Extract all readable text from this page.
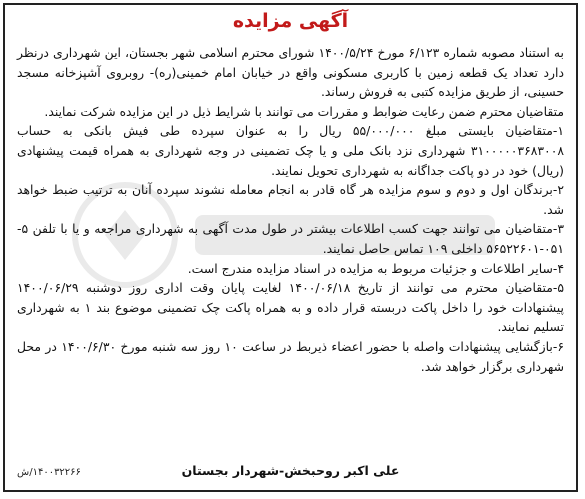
آگهی مزایده

به استناد مصوبه شماره ۶/۱۲۳ مورخ ۱۴۰۰/۵/۲۴ شورای محترم اسلامی شهر بجستان، این شهرداری درنظر دارد تعداد یک قطعه زمین با کاربری مسکونی واقع در خیابان امام خمینی(ره)- روبروی آشپزخانه مسجد حسینی، از طریق مزایده کتبی به فروش رساند.

متقاضیان محترم ضمن رعایت ضوابط و مقررات می توانند با شرایط ذیل در این مزایده شرکت نمایند.

۱-متقاضیان بایستی مبلغ ۵۵/۰۰۰/۰۰۰ ریال را به عنوان سپرده طی فیش بانکی به حساب ۳۱۰۰۰۰۰۳۶۸۳۰۰۸ شهرداری نزد بانک ملی و یا چک تضمینی در وجه شهرداری به همراه قیمت پیشنهادی (ریال) خود در دو پاکت جداگانه به شهرداری تحویل نمایند.

۲-برندگان اول و دوم و سوم مزایده هر گاه قادر به انجام معامله نشوند سپرده آنان به ترتیب ضبط خواهد شد.

۳-متقاضیان می توانند جهت کسب اطلاعات بیشتر در طول مدت آگهی به شهرداری مراجعه و یا با تلفن ۵- ۰۵۱-۵۶۵۲۲۶۰۱ داخلی ۱۰۹ تماس حاصل نمایند.

۴-سایر اطلاعات و جزئیات مربوط به مزایده در اسناد مزایده مندرج است.

۵-متقاضیان محترم می توانند از تاریخ ۱۴۰۰/۰۶/۱۸ لغایت پایان وقت اداری روز دوشنبه ۱۴۰۰/۰۶/۲۹ پیشنهادات خود را داخل پاکت دربسته قرار داده و به همراه پاکت چک تضمینی موضوع بند ۱ به شهرداری تسلیم نمایند.

۶-بازگشایی پیشنهادات واصله با حضور اعضاء ذیربط در ساعت ۱۰ روز سه شنبه مورخ ۱۴۰۰/۶/۳۰ در محل شهرداری برگزار خواهد شد.

علی اکبر روحبخش-شهردار بجستان
۱۴۰۰۳۲۲۶۶/ش
